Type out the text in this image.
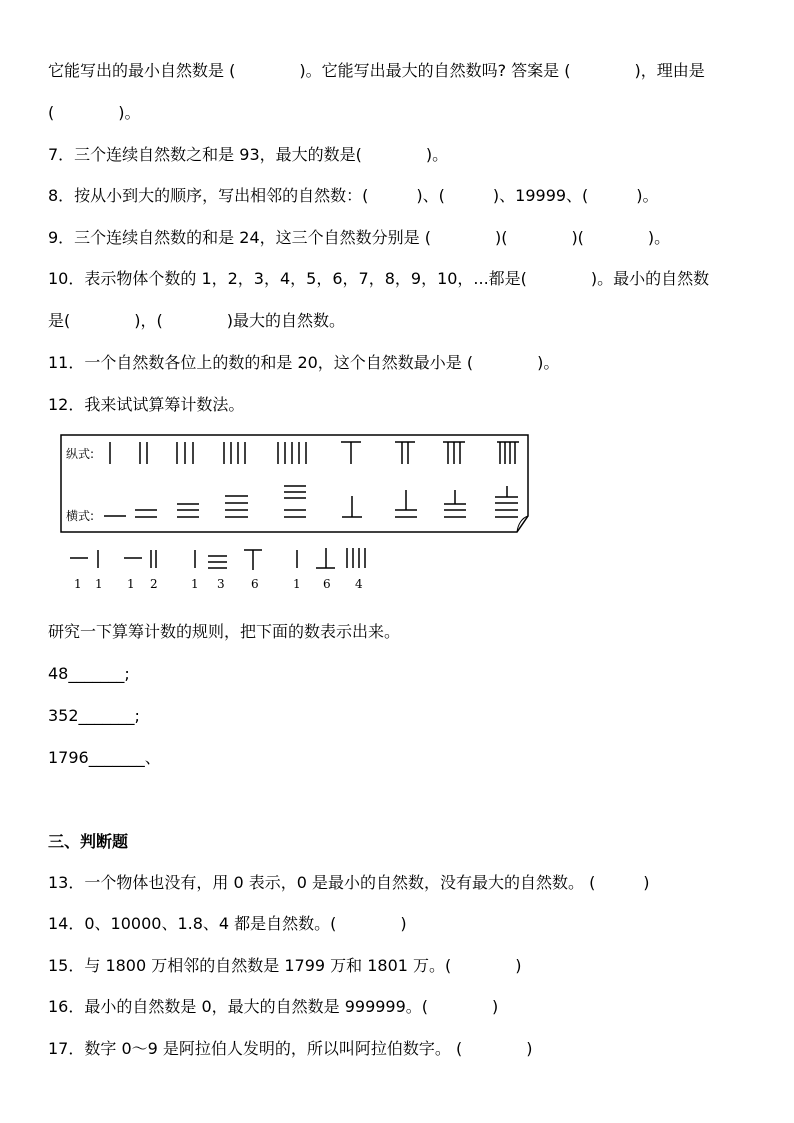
它能写出的最小自然数是 (　　　　)。它能写出最大的自然数吗? 答案是 (　　　　)，理由是
(　　　　)。
7．三个连续自然数之和是 93，最大的数是(　　　　)。
8．按从小到大的顺序，写出相邻的自然数：(　　　)、(　　　)、19999、(　　　)。
9．三个连续自然数的和是 24，这三个自然数分别是 (　　　　)(　　　　)(　　　　)。
10．表示物体个数的 1，2，3，4，5，6，7，8，9，10，...都是(　　　　)。最小的自然数
是(　　　　)，(　　　　)最大的自然数。
11．一个自然数各位上的数的和是 20，这个自然数最小是 (　　　　)。
12．我来试试算筹计数法。
纵式:
横式:
1 1 1 2	1 3 6	1 6 4
研究一下算筹计数的规则，把下面的数表示出来。
48_______;
352_______;
1796_______、
三、判断题
13．一个物体也没有，用 0 表示，0 是最小的自然数，没有最大的自然数。 (　　　)
14．0、10000、1.8、4 都是自然数。(　　　　)
15．与 1800 万相邻的自然数是 1799 万和 1801 万。(　　　　)
16．最小的自然数是 0，最大的自然数是 999999。(　　　　)
17．数字 0～9 是阿拉伯人发明的，所以叫阿拉伯数字。 (　　　　)
